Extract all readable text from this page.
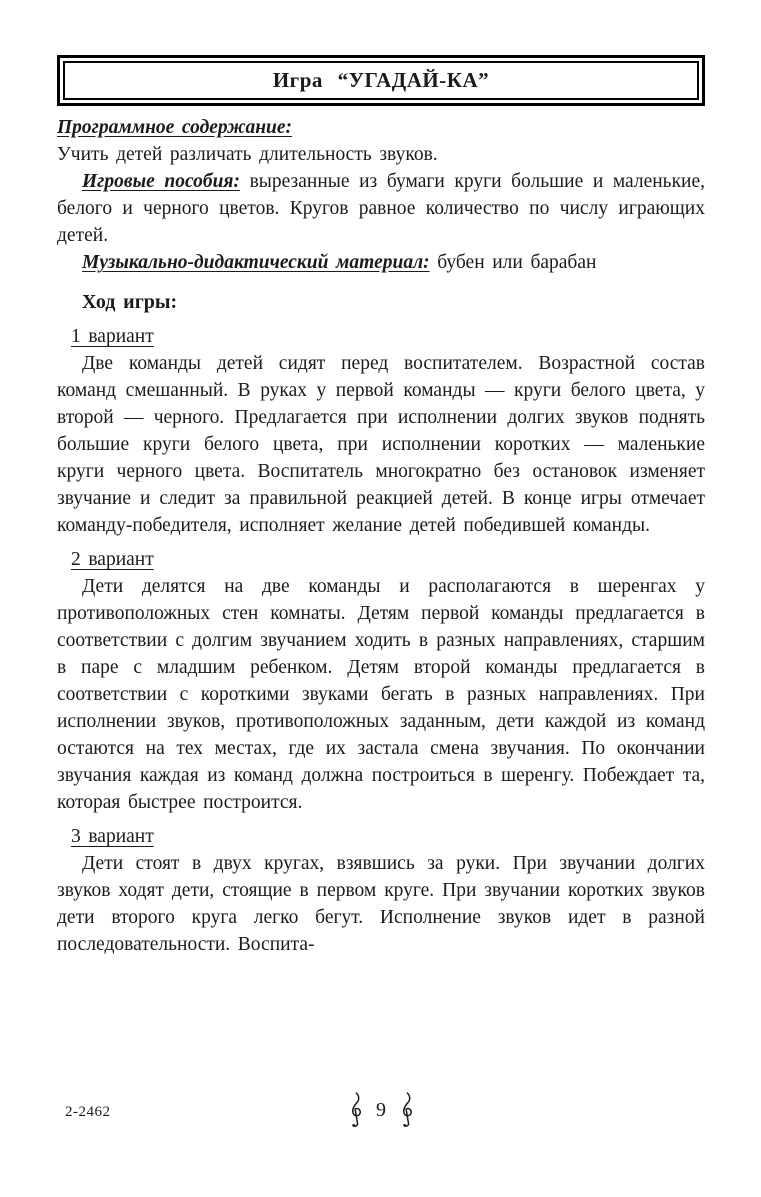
Игра “УГАДАЙ-КА”

Программное содержание:

Учить детей различать длительность звуков.

Игровые пособия: вырезанные из бумаги круги большие и маленькие, белого и черного цветов. Кругов равное количество по числу играющих детей.

Музыкально-дидактический материал: бубен или барабан

Ход игры:

1 вариант

Две команды детей сидят перед воспитателем. Возрастной состав команд смешанный. В руках у первой команды — круги белого цвета, у второй — черного. Предлагается при исполнении долгих звуков поднять большие круги белого цвета, при исполнении коротких — маленькие круги черного цвета. Воспитатель многократно без остановок изменяет звучание и следит за правильной реакцией детей. В конце игры отмечает команду-победителя, исполняет желание детей победившей команды.

2 вариант

Дети делятся на две команды и располагаются в шеренгах у противоположных стен комнаты. Детям первой команды предлагается в соответствии с долгим звучанием ходить в разных направлениях, старшим в паре с младшим ребенком. Детям второй команды предлагается в соответствии с короткими звуками бегать в разных направлениях. При исполнении звуков, противоположных заданным, дети каждой из команд остаются на тех местах, где их застала смена звучания. По окончании звучания каждая из команд должна построиться в шеренгу. Побеждает та, которая быстрее построится.

3 вариант

Дети стоят в двух кругах, взявшись за руки. При звучании долгих звуков ходят дети, стоящие в первом круге. При звучании коротких звуков дети второго круга легко бегут. Исполнение звуков идет в разной последовательности. Воспита-

2-2462	9
